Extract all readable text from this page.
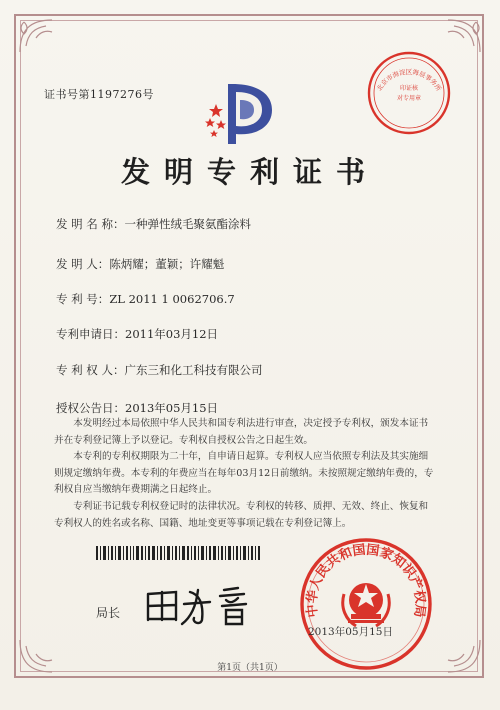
证书号第1197276号	印证核
对专用章
北京市海淀区海辰事务所
发明专利证书
发 明 名 称：一种弹性绒毛聚氨酯涂料
发 明 人：陈炳耀；董颖；许耀魁
专 利 号：ZL 2011 1 0062706.7
专利申请日：2011年03月12日
专 利 权 人：广东三和化工科技有限公司
授权公告日：2013年05月15日

本发明经过本局依照中华人民共和国专利法进行审查，决定授予专利权，颁发本证书并在专利登记簿上予以登记。专利权自授权公告之日起生效。

本专利的专利权期限为二十年，自申请日起算。专利权人应当依照专利法及其实施细则规定缴纳年费。本专利的年费应当在每年03月12日前缴纳。未按照规定缴纳年费的，专利权自应当缴纳年费期满之日起终止。

专利证书记载专利权登记时的法律状况。专利权的转移、质押、无效、终止、恢复和专利权人的姓名或名称、国籍、地址变更等事项记载在专利登记簿上。

局长	中华人民共和国国家知识产权局
2013年05月15日
第1页（共1页）
